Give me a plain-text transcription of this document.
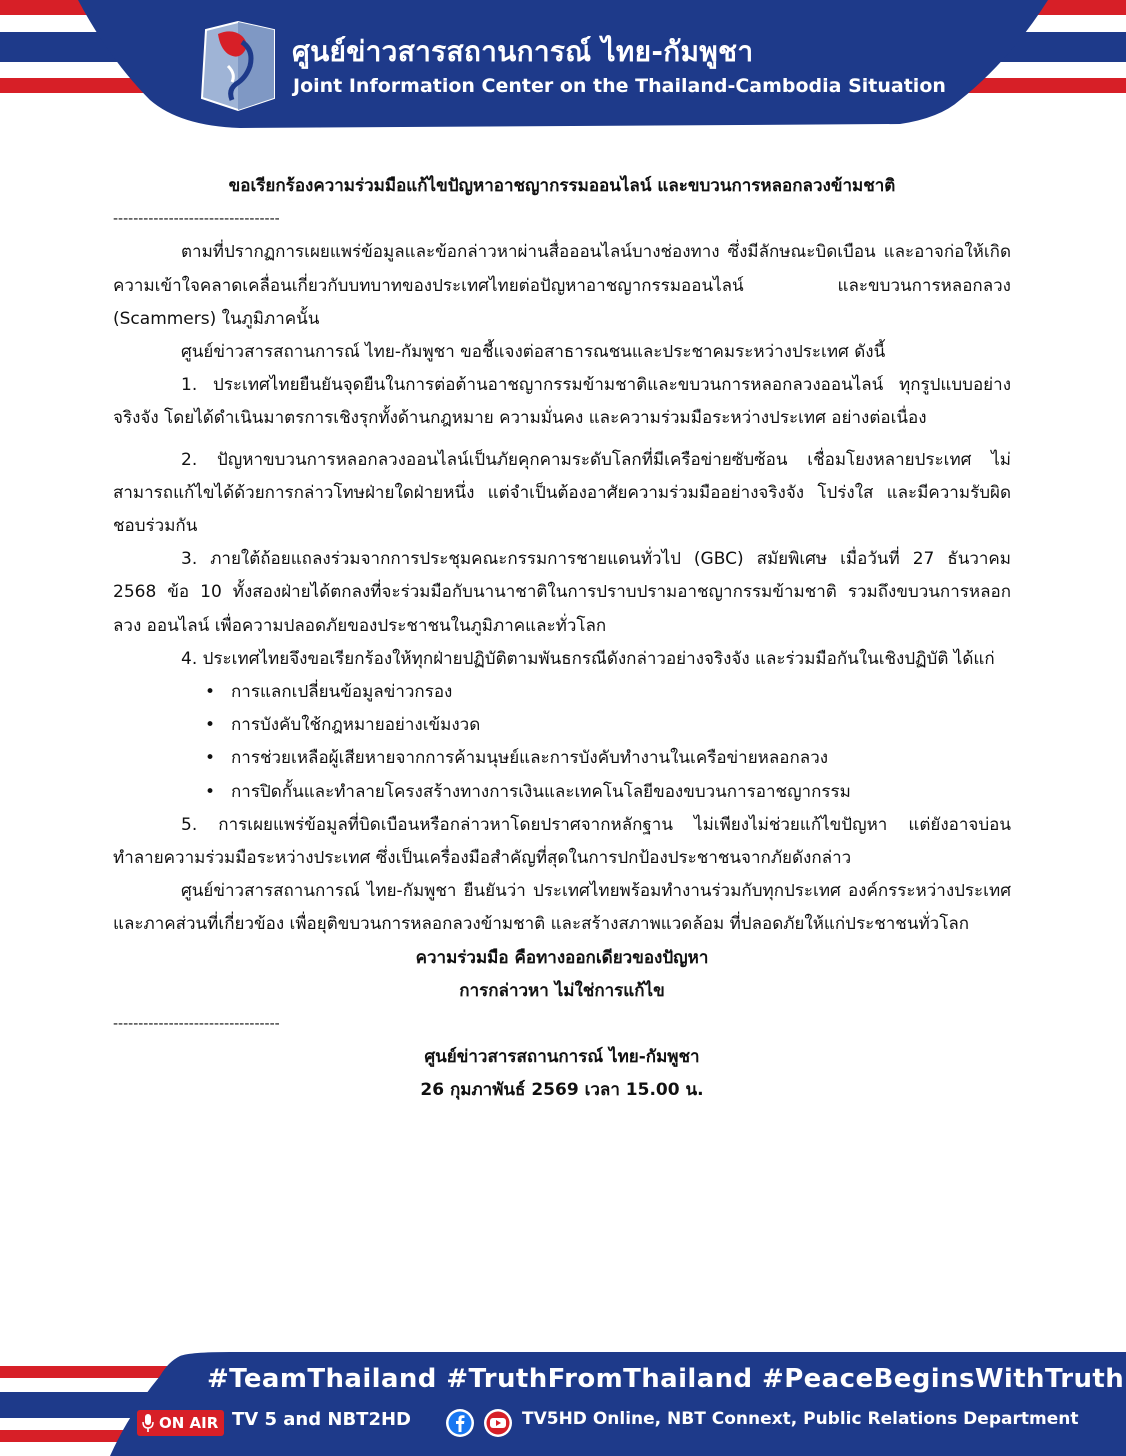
ศูนย์ข่าวสารสถานการณ์ ไทย-กัมพูชา
Joint Information Center on the Thailand-Cambodia Situation

ขอเรียกร้องความร่วมมือแก้ไขปัญหาอาชญากรรมออนไลน์ และขบวนการหลอกลวงข้ามชาติ

---------------------------------

ตามที่ปรากฏการเผยแพร่ข้อมูลและข้อกล่าวหาผ่านสื่อออนไลน์บางช่องทาง ซึ่งมีลักษณะบิดเบือน และอาจก่อให้เกิดความเข้าใจคลาดเคลื่อนเกี่ยวกับบทบาทของประเทศไทยต่อปัญหาอาชญากรรมออนไลน์ และขบวนการหลอกลวง (Scammers) ในภูมิภาคนั้น

ศูนย์ข่าวสารสถานการณ์ ไทย-กัมพูชา ขอชี้แจงต่อสาธารณชนและประชาคมระหว่างประเทศ ดังนี้

1. ประเทศไทยยืนยันจุดยืนในการต่อต้านอาชญากรรมข้ามชาติและขบวนการหลอกลวงออนไลน์ ทุกรูปแบบอย่างจริงจัง โดยได้ดำเนินมาตรการเชิงรุกทั้งด้านกฎหมาย ความมั่นคง และความร่วมมือระหว่างประเทศ อย่างต่อเนื่อง

2. ปัญหาขบวนการหลอกลวงออนไลน์เป็นภัยคุกคามระดับโลกที่มีเครือข่ายซับซ้อน เชื่อมโยงหลายประเทศ ไม่สามารถแก้ไขได้ด้วยการกล่าวโทษฝ่ายใดฝ่ายหนึ่ง แต่จำเป็นต้องอาศัยความร่วมมืออย่างจริงจัง โปร่งใส และมีความรับผิดชอบร่วมกัน

3. ภายใต้ถ้อยแถลงร่วมจากการประชุมคณะกรรมการชายแดนทั่วไป (GBC) สมัยพิเศษ เมื่อวันที่ 27 ธันวาคม 2568 ข้อ 10 ทั้งสองฝ่ายได้ตกลงที่จะร่วมมือกับนานาชาติในการปราบปรามอาชญากรรมข้ามชาติ รวมถึงขบวนการหลอกลวง ออนไลน์ เพื่อความปลอดภัยของประชาชนในภูมิภาคและทั่วโลก

4. ประเทศไทยจึงขอเรียกร้องให้ทุกฝ่ายปฏิบัติตามพันธกรณีดังกล่าวอย่างจริงจัง และร่วมมือกันในเชิงปฏิบัติ ได้แก่

• การแลกเปลี่ยนข้อมูลข่าวกรอง
• การบังคับใช้กฎหมายอย่างเข้มงวด
• การช่วยเหลือผู้เสียหายจากการค้ามนุษย์และการบังคับทำงานในเครือข่ายหลอกลวง
• การปิดกั้นและทำลายโครงสร้างทางการเงินและเทคโนโลยีของขบวนการอาชญากรรม

5. การเผยแพร่ข้อมูลที่บิดเบือนหรือกล่าวหาโดยปราศจากหลักฐาน ไม่เพียงไม่ช่วยแก้ไขปัญหา แต่ยังอาจบ่อนทำลายความร่วมมือระหว่างประเทศ ซึ่งเป็นเครื่องมือสำคัญที่สุดในการปกป้องประชาชนจากภัยดังกล่าว

ศูนย์ข่าวสารสถานการณ์ ไทย-กัมพูชา ยืนยันว่า ประเทศไทยพร้อมทำงานร่วมกับทุกประเทศ องค์กรระหว่างประเทศ และภาคส่วนที่เกี่ยวข้อง เพื่อยุติขบวนการหลอกลวงข้ามชาติ และสร้างสภาพแวดล้อม ที่ปลอดภัยให้แก่ประชาชนทั่วโลก

ความร่วมมือ คือทางออกเดียวของปัญหา

การกล่าวหา ไม่ใช่การแก้ไข

---------------------------------

ศูนย์ข่าวสารสถานการณ์ ไทย-กัมพูชา

26 กุมภาพันธ์ 2569 เวลา 15.00 น.

#TeamThailand #TruthFromThailand #PeaceBeginsWithTruth
ON AIR TV 5 and NBT2HD	TV5HD Online, NBT Connext, Public Relations Department
